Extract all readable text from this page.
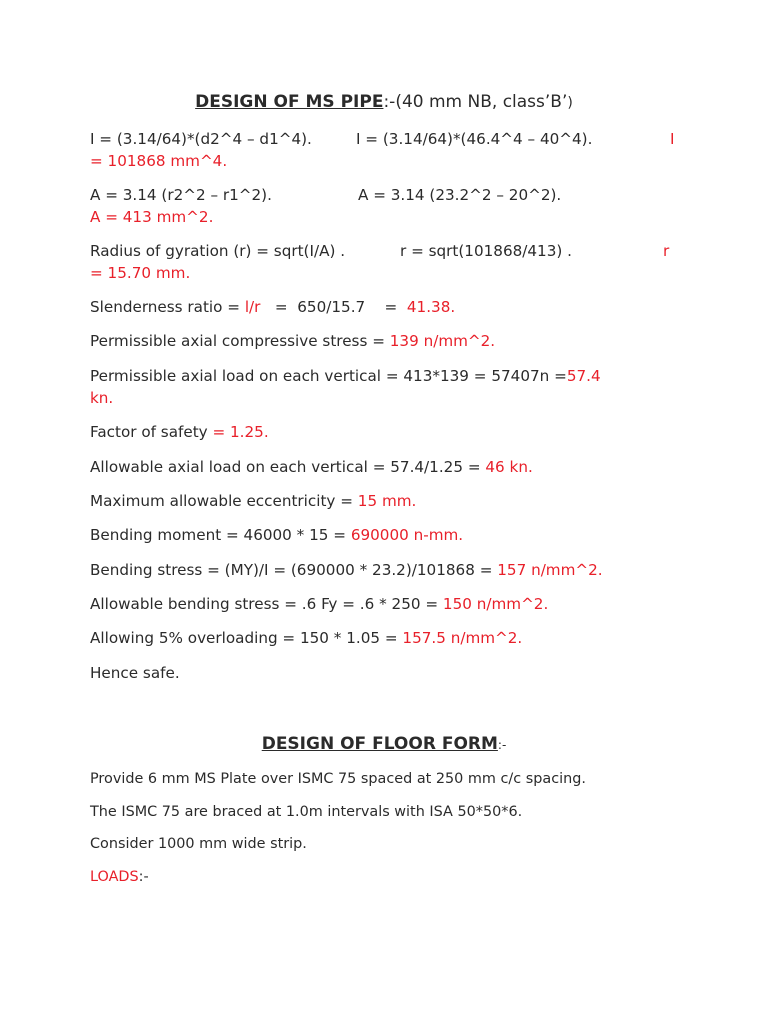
DESIGN OF MS PIPE:-(40 mm NB, class’B’)
I = (3.14/64)*(d2^4 – d1^4).	I = (3.14/64)*(46.4^4 – 40^4).	I
= 101868 mm^4.
A = 3.14 (r2^2 – r1^2).	A = 3.14 (23.2^2 – 20^2).
A = 413 mm^2.
Radius of gyration (r) = sqrt(I/A) .	r = sqrt(101868/413) .	r
= 15.70 mm.
Slenderness ratio = l/r   =  650/15.7    =  41.38.
Permissible axial compressive stress = 139 n/mm^2.
Permissible axial load on each vertical = 413*139 = 57407n =57.4
kn.
Factor of safety = 1.25.
Allowable axial load on each vertical = 57.4/1.25 = 46 kn.
Maximum allowable eccentricity = 15 mm.
Bending moment = 46000 * 15 = 690000 n-mm.
Bending stress = (MY)/I = (690000 * 23.2)/101868 = 157 n/mm^2.
Allowable bending stress = .6 Fy = .6 * 250 = 150 n/mm^2.
Allowing 5% overloading = 150 * 1.05 = 157.5 n/mm^2.
Hence safe.
DESIGN OF FLOOR FORM:-
Provide 6 mm MS Plate over ISMC 75 spaced at 250 mm c/c spacing.
The ISMC 75 are braced at 1.0m intervals with ISA 50*50*6.
Consider 1000 mm wide strip.
LOADS:-
